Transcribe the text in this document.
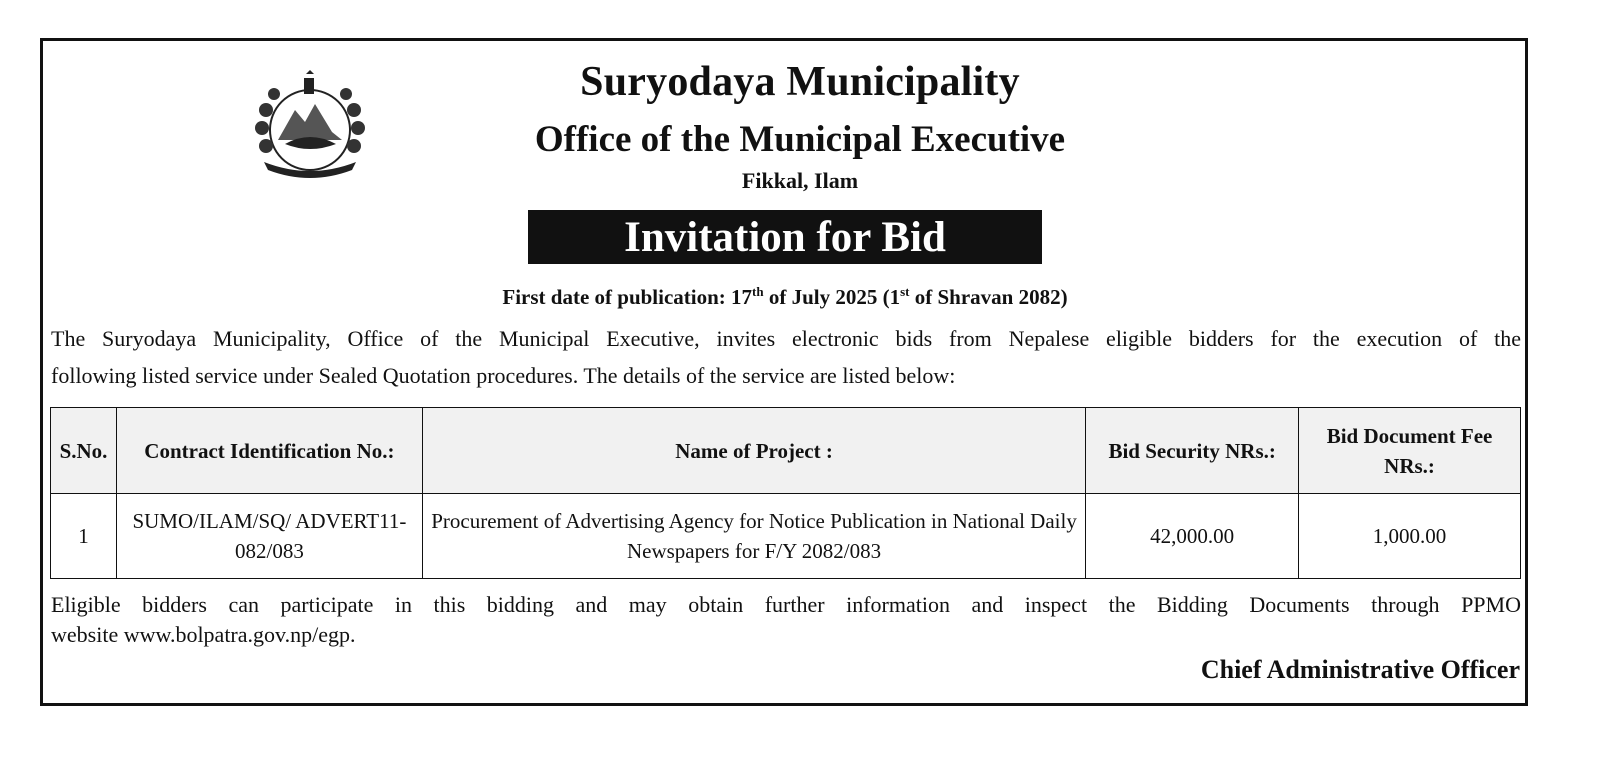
Suryodaya Municipality
Office of the Municipal Executive
Fikkal, Ilam
Invitation for Bid
First date of publication: 17th of July 2025 (1st of Shravan 2082)
The Suryodaya Municipality, Office of the Municipal Executive, invites electronic bids from Nepalese eligible bidders for the execution of the
following listed service under Sealed Quotation procedures. The details of the service are listed below:
S.No.	Contract Identification No.:	Name of Project :	Bid Security NRs.:	Bid Document Fee NRs.:
1	SUMO/ILAM/SQ/ ADVERT11-082/083	Procurement of Advertising Agency for Notice Publication in National Daily Newspapers for F/Y 2082/083	42,000.00	1,000.00
Eligible bidders can participate in this bidding and may obtain further information and inspect the Bidding Documents through PPMO
website www.bolpatra.gov.np/egp.
Chief Administrative Officer
